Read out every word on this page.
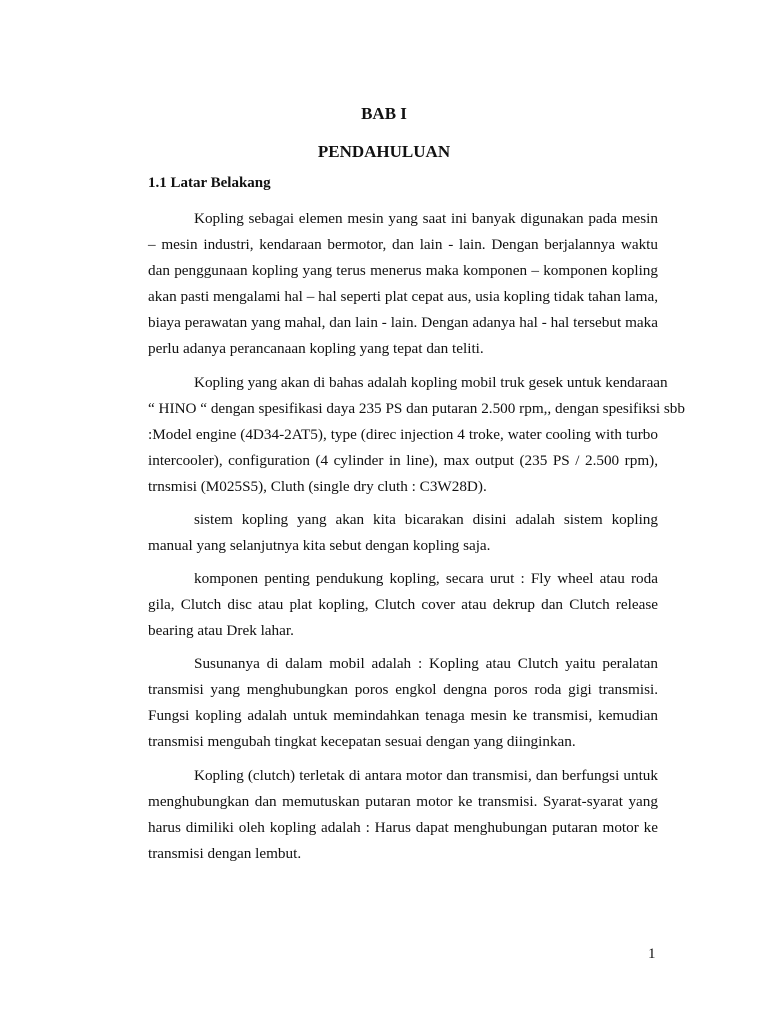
BAB I
PENDAHULUAN
1.1 Latar Belakang
Kopling sebagai elemen mesin yang saat ini banyak digunakan pada mesin
– mesin industri, kendaraan bermotor, dan lain - lain. Dengan berjalannya waktu
dan penggunaan kopling yang terus menerus maka komponen – komponen kopling
akan pasti mengalami hal – hal seperti plat cepat aus, usia kopling tidak tahan lama,
biaya perawatan yang mahal, dan lain - lain. Dengan adanya hal - hal tersebut maka
perlu adanya perancanaan kopling yang tepat dan teliti.
Kopling yang akan di bahas adalah kopling mobil truk gesek untuk kendaraan
“ HINO “ dengan spesifikasi daya 235 PS dan putaran 2.500 rpm,, dengan spesifiksi sbb
:Model engine (4D34-2AT5), type (direc injection 4 troke, water cooling with turbo
intercooler), configuration (4 cylinder in line), max output (235 PS / 2.500 rpm),
trnsmisi (M025S5), Cluth (single dry cluth : C3W28D).
sistem kopling yang akan kita bicarakan disini adalah sistem kopling
manual yang selanjutnya kita sebut dengan kopling saja.
komponen penting pendukung kopling, secara urut : Fly wheel atau roda
gila, Clutch disc atau plat kopling, Clutch cover atau dekrup dan Clutch release
bearing atau Drek lahar.
Susunanya di dalam mobil adalah : Kopling atau Clutch yaitu peralatan
transmisi yang menghubungkan poros engkol dengna poros roda gigi transmisi.
Fungsi kopling adalah untuk memindahkan tenaga mesin ke transmisi, kemudian
transmisi mengubah tingkat kecepatan sesuai dengan yang diinginkan.
Kopling (clutch) terletak di antara motor dan transmisi, dan berfungsi untuk
menghubungkan dan memutuskan putaran motor ke transmisi. Syarat-syarat yang
harus dimiliki oleh kopling adalah : Harus dapat menghubungan putaran motor ke
transmisi dengan lembut.
1
